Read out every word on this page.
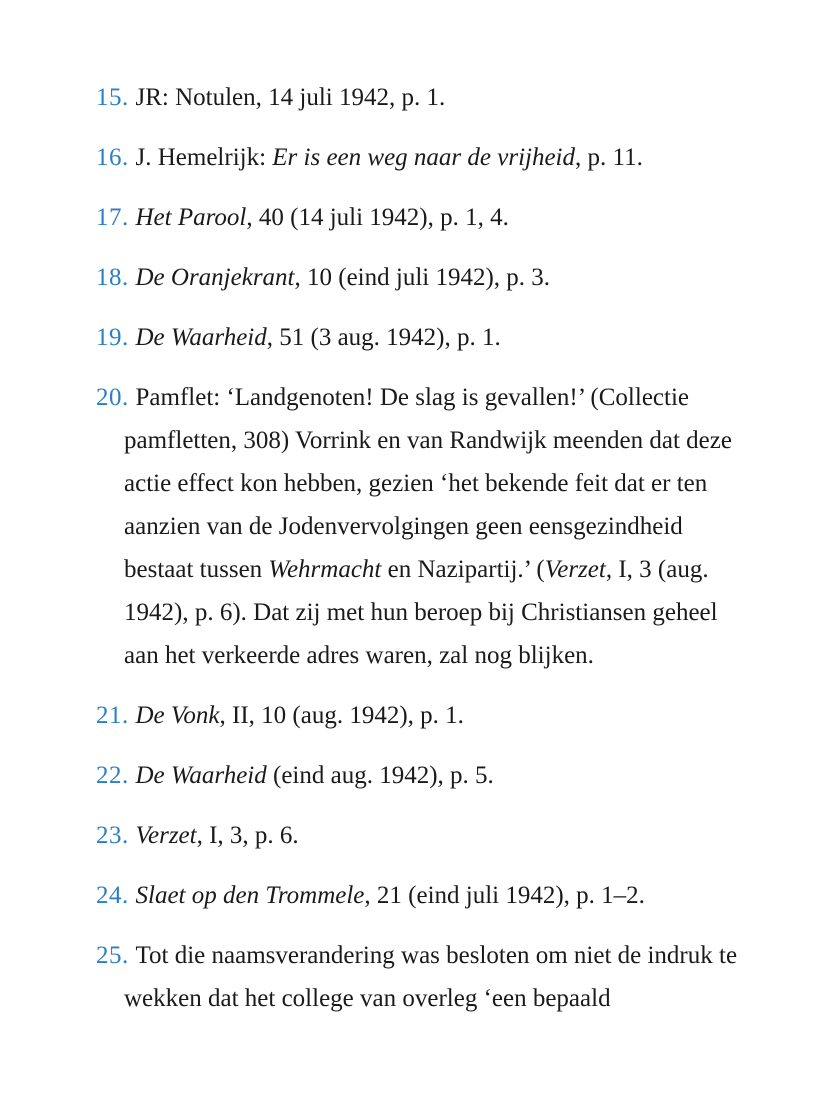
15. JR: Notulen, 14 juli 1942, p. 1.
16. J. Hemelrijk: Er is een weg naar de vrijheid, p. 11.
17. Het Parool, 40 (14 juli 1942), p. 1, 4.
18. De Oranjekrant, 10 (eind juli 1942), p. 3.
19. De Waarheid, 51 (3 aug. 1942), p. 1.
20. Pamflet: ‘Landgenoten! De slag is gevallen!’ (Collectie pamfletten, 308) Vorrink en van Randwijk meenden dat deze actie effect kon hebben, gezien ‘het bekende feit dat er ten aanzien van de Jodenvervolgingen geen eensgezindheid bestaat tussen Wehrmacht en Nazipartij.’ (Verzet, I, 3 (aug. 1942), p. 6). Dat zij met hun beroep bij Christiansen geheel aan het verkeerde adres waren, zal nog blijken.
21. De Vonk, II, 10 (aug. 1942), p. 1.
22. De Waarheid (eind aug. 1942), p. 5.
23. Verzet, I, 3, p. 6.
24. Slaet op den Trommele, 21 (eind juli 1942), p. 1–2.
25. Tot die naamsverandering was besloten om niet de indruk te wekken dat het college van overleg ‘een bepaald
